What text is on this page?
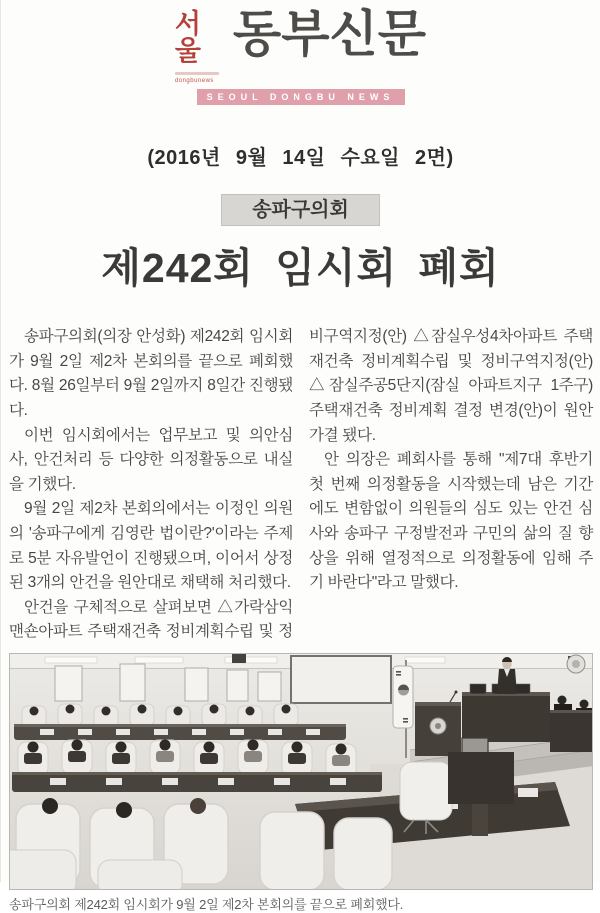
서울
dongbunews
동부신문
SEOUL DONGBU NEWS
(2016년 9월 14일 수요일 2면)
송파구의회
제242회 임시회 폐회

송파구의회(의장 안성화) 제242회 임시회가 9월 2일 제2차 본회의를 끝으로 폐회했다. 8월 26일부터 9월 2일까지 8일간 진행됐다.

이번 임시회에서는 업무보고 및 의안심사, 안건처리 등 다양한 의정활동으로 내실을 기했다.

9월 2일 제2차 본회의에서는 이정인 의원의 '송파구에게 김영란 법이란?'이라는 주제로 5분 자유발언이 진행됐으며, 이어서 상정된 3개의 안건을 원안대로 채택해 처리했다.

안건을 구체적으로 살펴보면 △가락삼익맨숀아파트 주택재건축 정비계획수립 및 정비구역지정(안) △잠실우성4차아파트 주택재건축 정비계획수립 및 정비구역지정(안) △잠실주공5단지(잠실 아파트지구 1주구) 주택재건축 정비계획 결정 변경(안)이 원안 가결 됐다.

안 의장은 폐회사를 통해 "제7대 후반기 첫 번째 의정활동을 시작했는데 남은 기간에도 변함없이 의원들의 심도 있는 안건 심사와 송파구 구정발전과 구민의 삶의 질 향상을 위해 열정적으로 의정활동에 임해 주기 바란다"라고 말했다.

송파구의회 제242회 임시회가 9월 2일 제2차 본회의를 끝으로 폐회했다.
